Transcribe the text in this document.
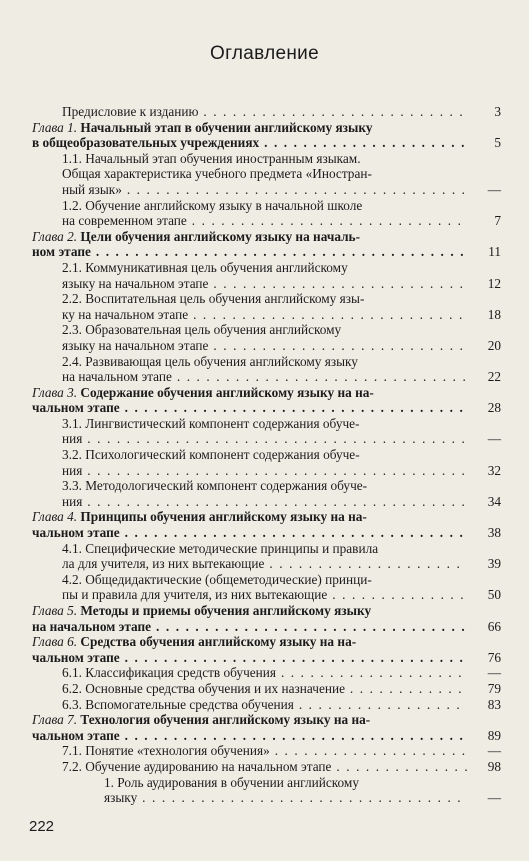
Оглавление
Предисловие к изданию . . .	3
Глава 1. Начальный этап в обучении английскому языку
в общеобразовательных учреждениях . . .	5
1.1. Начальный этап обучения иностранным языкам.
Общая характеристика учебного предмета «Иностран-
ный язык» . . .	—
1.2. Обучение английскому языку в начальной школе
на современном этапе . . .	7
Глава 2. Цели обучения английскому языку на началь-
ном этапе . . .	11
2.1. Коммуникативная цель обучения английскому
языку на начальном этапе . . .	12
2.2. Воспитательная цель обучения английскому язы-
ку на начальном этапе . . .	18
2.3. Образовательная цель обучения английскому
языку на начальном этапе . . .	20
2.4. Развивающая цель обучения английскому языку
на начальном этапе . . .	22
Глава 3. Содержание обучения английскому языку на на-
чальном этапе . . .	28
3.1. Лингвистический компонент содержания обуче-
ния . . .	—
3.2. Психологический компонент содержания обуче-
ния . . .	32
3.3. Методологический компонент содержания обуче-
ния . . .	34
Глава 4. Принципы обучения английскому языку на на-
чальном этапе . . .	38
4.1. Специфические методические принципы и правила
ла для учителя, из них вытекающие . . .	39
4.2. Общедидактические (общеметодические) принци-
пы и правила для учителя, из них вытекающие . . .	50
Глава 5. Методы и приемы обучения английскому языку
на начальном этапе . . .	66
Глава 6. Средства обучения английскому языку на на-
чальном этапе . . .	76
6.1. Классификация средств обучения . . .	—
6.2. Основные средства обучения и их назначение . . .	79
6.3. Вспомогательные средства обучения . . .	83
Глава 7. Технология обучения английскому языку на на-
чальном этапе . . .	89
7.1. Понятие «технология обучения» . . .	—
7.2. Обучение аудированию на начальном этапе . . .	98
1. Роль аудирования в обучении английскому
языку . . .	—
222
